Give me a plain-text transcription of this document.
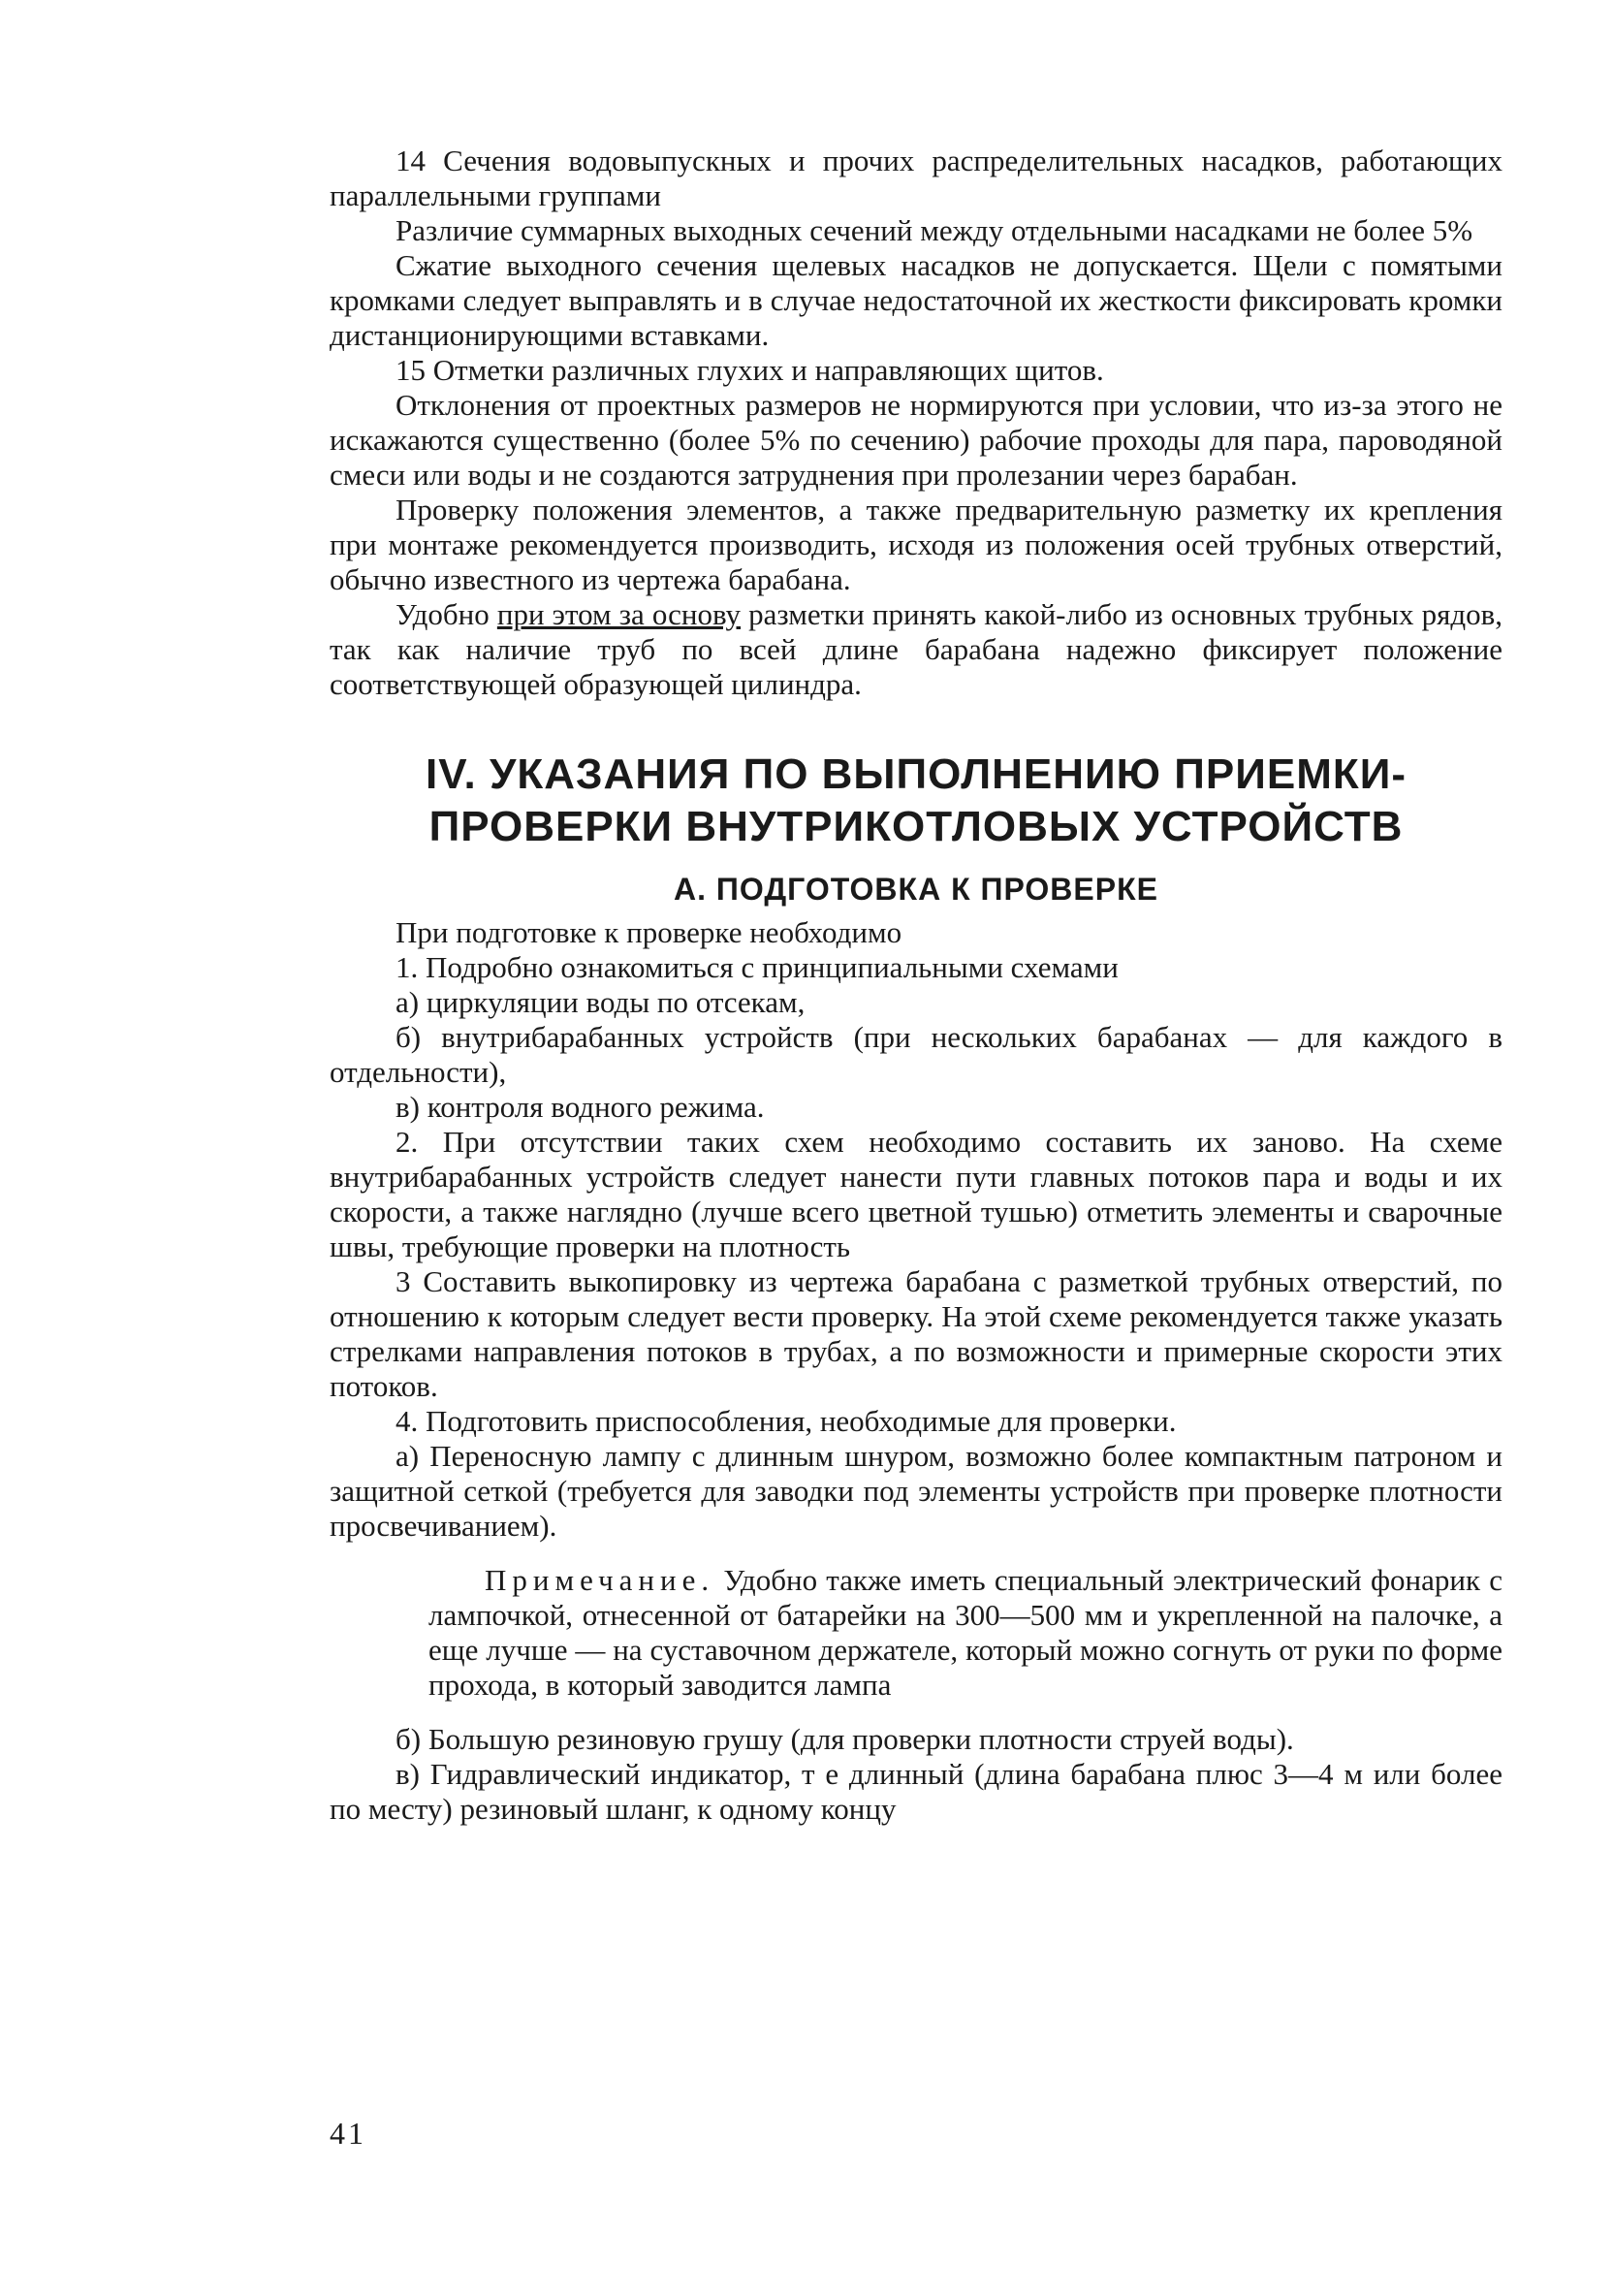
14 Сечения водовыпускных и прочих распределительных насадков, работающих параллельными группами

Различие суммарных выходных сечений между отдельными насадками не более 5%

Сжатие выходного сечения щелевых насадков не допускается. Щели с помятыми кромками следует выправлять и в случае недостаточной их жесткости фиксировать кромки дистанционирующими вставками.

15 Отметки различных глухих и направляющих щитов.

Отклонения от проектных размеров не нормируются при условии, что из-за этого не искажаются существенно (более 5% по сечению) рабочие проходы для пара, пароводяной смеси или воды и не создаются затруднения при пролезании через барабан.

Проверку положения элементов, а также предварительную разметку их крепления при монтаже рекомендуется производить, исходя из положения осей трубных отверстий, обычно известного из чертежа барабана.

Удобно при этом за основу разметки принять какой-либо из основных трубных рядов, так как наличие труб по всей длине барабана надежно фиксирует положение соответствующей образующей цилиндра.

IV. УКАЗАНИЯ ПО ВЫПОЛНЕНИЮ ПРИЕМКИ-
ПРОВЕРКИ ВНУТРИКОТЛОВЫХ УСТРОЙСТВ
А. ПОДГОТОВКА К ПРОВЕРКЕ

При подготовке к проверке необходимо

1. Подробно ознакомиться с принципиальными схемами

а) циркуляции воды по отсекам,

б) внутрибарабанных устройств (при нескольких барабанах — для каждого в отдельности),

в) контроля водного режима.

2. При отсутствии таких схем необходимо составить их заново. На схеме внутрибарабанных устройств следует нанести пути главных потоков пара и воды и их скорости, а также наглядно (лучше всего цветной тушью) отметить элементы и сварочные швы, требующие проверки на плотность

3 Составить выкопировку из чертежа барабана с разметкой трубных отверстий, по отношению к которым следует вести проверку. На этой схеме рекомендуется также указать стрелками направления потоков в трубах, а по возможности и примерные скорости этих потоков.

4. Подготовить приспособления, необходимые для проверки.

а) Переносную лампу с длинным шнуром, возможно более компактным патроном и защитной сеткой (требуется для заводки под элементы устройств при проверке плотности просвечиванием).

Примечание. Удобно также иметь специальный электрический фонарик с лампочкой, отнесенной от батарейки на 300—500 мм и укрепленной на палочке, а еще лучше — на суставочном держателе, который можно согнуть от руки по форме прохода, в который заводится лампа

б) Большую резиновую грушу (для проверки плотности струей воды).

в) Гидравлический индикатор, т е длинный (длина барабана плюс 3—4 м или более по месту) резиновый шланг, к одному концу

41
